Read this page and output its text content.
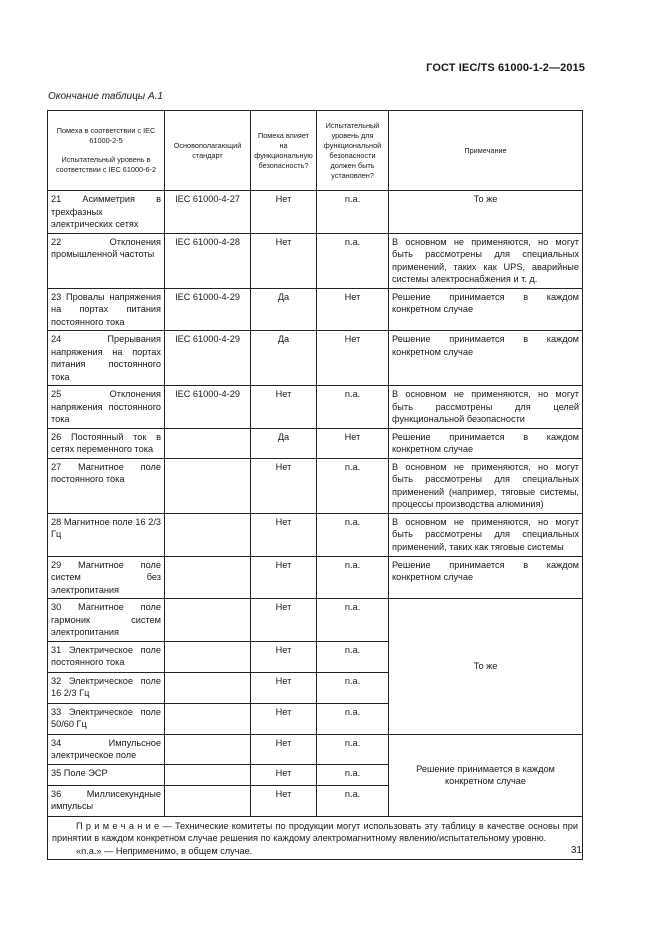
ГОСТ IEC/TS 61000-1-2—2015
Окончание таблицы А.1
Помеха в соответствии с IEC 61000-2-5
Испытательный уровень в соответствии с IEC 61000-6-2	Основополагающий стандарт	Помеха влияет на функциональную безопасность?	Испытательный уровень для функциональной безопасности должен быть установлен?	Примечание
21 Асимметрия в трехфазных электрических сетях	IEC 61000-4-27	Нет	n.a.	То же
22 Отклонения промышленной частоты	IEC 61000-4-28	Нет	n.a.	В основном не применяются, но могут быть рассмотрены для специальных применений, таких как UPS, аварийные системы электроснабжения и т. д.
23 Провалы напряжения на портах питания постоянного тока	IEC 61000-4-29	Да	Нет	Решение принимается в каждом конкретном случае
24 Прерывания напряжения на портах питания постоянного тока	IEC 61000-4-29	Да	Нет	Решение принимается в каждом конкретном случае
25 Отклонения напряжения постоянного тока	IEC 61000-4-29	Нет	n.a.	В основном не применяются, но могут быть рассмотрены для целей функциональной безопасности
26 Постоянный ток в сетях переменного тока		Да	Нет	Решение принимается в каждом конкретном случае
27 Магнитное поле постоянного тока		Нет	n.a.	В основном не применяются, но могут быть рассмотрены для специальных применений (например, тяговые системы, процессы производства алюминия)
28 Магнитное поле 16 2/3 Гц		Нет	n.a.	В основном не применяются, но могут быть рассмотрены для специальных применений, таких как тяговые системы
29 Магнитное поле систем без электропитания		Нет	n.a.	Решение принимается в каждом конкретном случае
30 Магнитное поле гармоник систем электропитания		Нет	n.a.	То же
31 Электрическое поле постоянного тока		Нет	n.a.	
32 Электрическое поле 16 2/3 Гц		Нет	n.a.	
33 Электрическое поле 50/60 Гц		Нет	n.a.	
34 Импульсное электрическое поле		Нет	n.a.	Решение принимается в каждом конкретном случае
35 Поле ЭСР		Нет	n.a.	
36 Миллисекундные импульсы		Нет	n.a.	

П р и м е ч а н и е — Технические комитеты по продукции могут использовать эту таблицу в качестве основы при принятии в каждом конкретном случае решения по каждому электромагнитному явлению/испытательному уровню.
«n.a.» — Неприменимо, в общем случае.					31
